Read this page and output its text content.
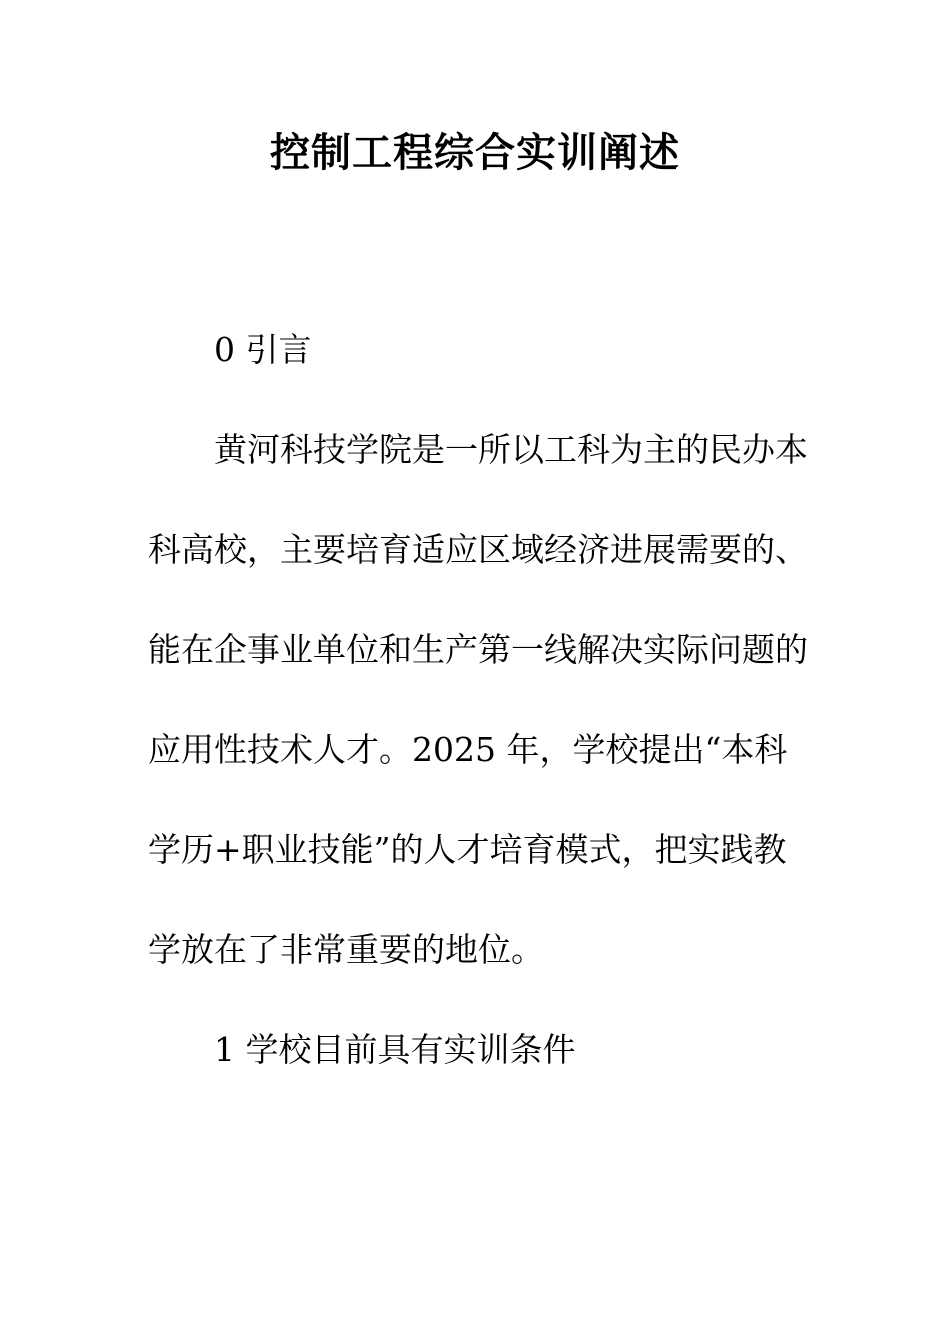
控制工程综合实训阐述

0 引言

黄河科技学院是一所以工科为主的民办本科高校，主要培育适应区域经济进展需要的、能在企事业单位和生产第一线解决实际问题的应用性技术人才。2025 年，学校提出“本科学历+职业技能”的人才培育模式，把实践教学放在了非常重要的地位。

1 学校目前具有实训条件
